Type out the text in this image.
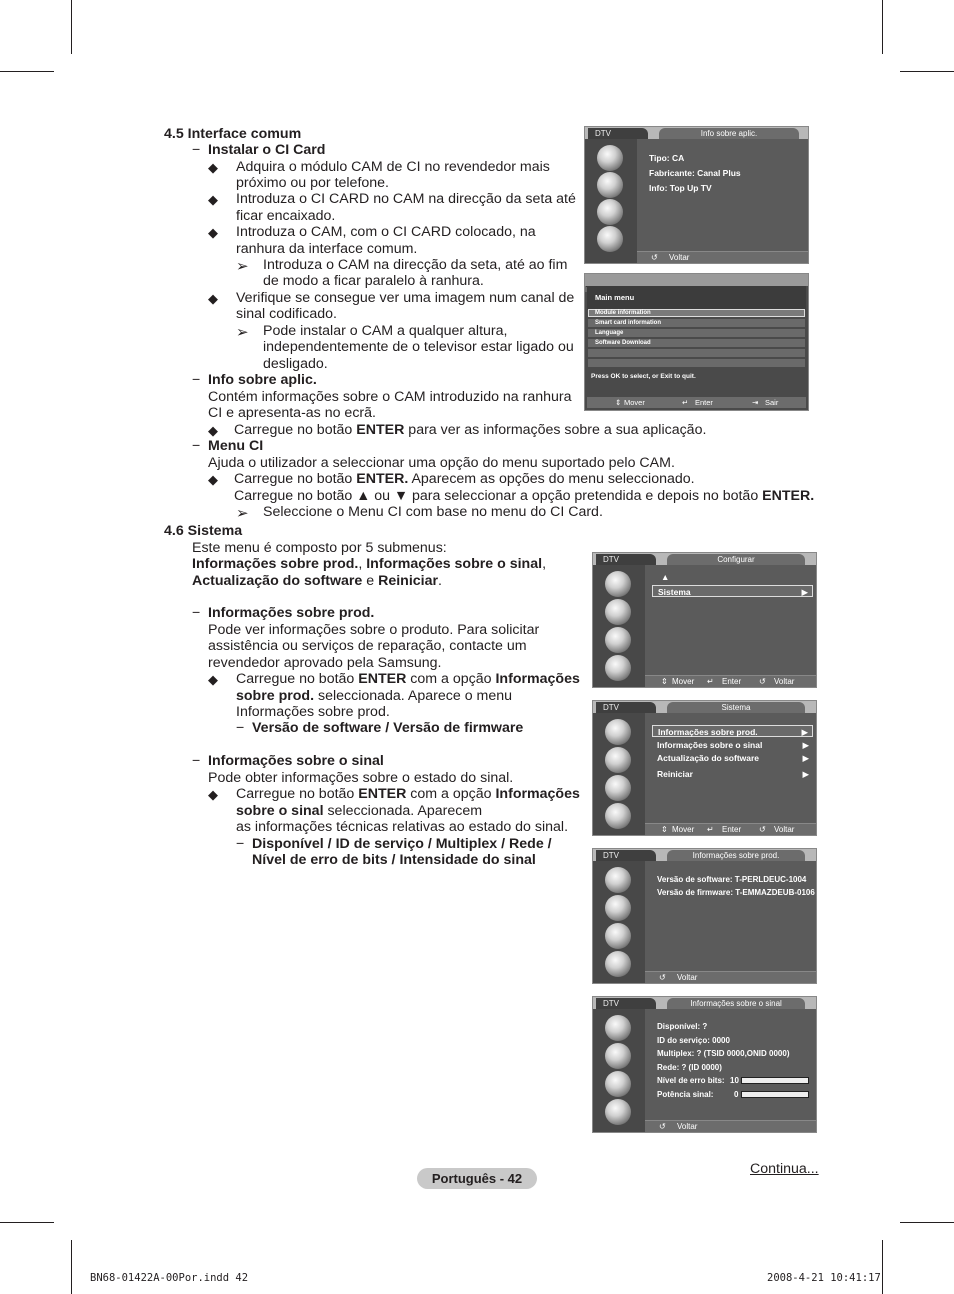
4.5 Interface comum
− Instalar o CI Card
◆ Adquira o módulo CAM de CI no revendedor mais
próximo ou por telefone.
◆ Introduza o CI CARD no CAM na direcção da seta até
ficar encaixado.
◆ Introduza o CAM, com o CI CARD colocado, na
ranhura da interface comum.
➢ Introduza o CAM na direcção da seta, até ao fim
de modo a ficar paralelo à ranhura.
◆ Verifique se consegue ver uma imagem num canal de
sinal codificado.
➢ Pode instalar o CAM a qualquer altura,
independentemente de o televisor estar ligado ou
desligado.
− Info sobre aplic.
Contém informações sobre o CAM introduzido na ranhura
CI e apresenta-as no ecrã.
◆ Carregue no botão ENTER para ver as informações sobre a sua aplicação.
− Menu CI
Ajuda o utilizador a seleccionar uma opção do menu suportado pelo CAM.
◆ Carregue no botão ENTER. Aparecem as opções do menu seleccionado.
Carregue no botão ▲ ou ▼ para seleccionar a opção pretendida e depois no botão ENTER.
➢ Seleccione o Menu CI com base no menu do CI Card.
4.6 Sistema
Este menu é composto por 5 submenus:
Informações sobre prod., Informações sobre o sinal,
Actualização do software e Reiniciar.
− Informações sobre prod.
Pode ver informações sobre o produto. Para solicitar
assistência ou serviços de reparação, contacte um
revendedor aprovado pela Samsung.
◆ Carregue no botão ENTER com a opção Informações
sobre prod. seleccionada. Aparece o menu
Informações sobre prod.
− Versão de software / Versão de firmware
− Informações sobre o sinal
Pode obter informações sobre o estado do sinal.
◆ Carregue no botão ENTER com a opção Informações
sobre o sinal seleccionada. Aparecem
as informações técnicas relativas ao estado do sinal.
− Disponível / ID de serviço / Multiplex / Rede /
Nível de erro de bits / Intensidade do sinal
DTV	Info sobre aplic.
Tipo: CA
Fabricante: Canal Plus
Info: Top Up TV
↺ Voltar
Main menu
Module information
Smart card information
Language
Software Download
Press OK to select, or Exit to quit.
⇕ Mover	↵ Enter	⇥ Sair
DTV	Configurar
▲
Sistema	▶
⇕ Mover ↵ Enter ↺ Voltar
DTV	Sistema
Informações sobre prod.	▶
Informações sobre o sinal	▶
Actualização do software	▶
Reiniciar	▶
⇕ Mover ↵ Enter ↺ Voltar
DTV	Informações sobre prod.
Versão de software: T-PERLDEUC-1004
Versão de firmware: T-EMMAZDEUB-0106
↺ Voltar
DTV	Informações sobre o sinal
Disponível: ?
ID do serviço: 0000
Multiplex: ? (TSID 0000,ONID 0000)
Rede: ? (ID 0000)
Nível de erro bits: 10
Potência sinal:	0
↺ Voltar
Continua...
Português - 42
BN68-01422A-00Por.indd 42	2008-4-21 10:41:17
